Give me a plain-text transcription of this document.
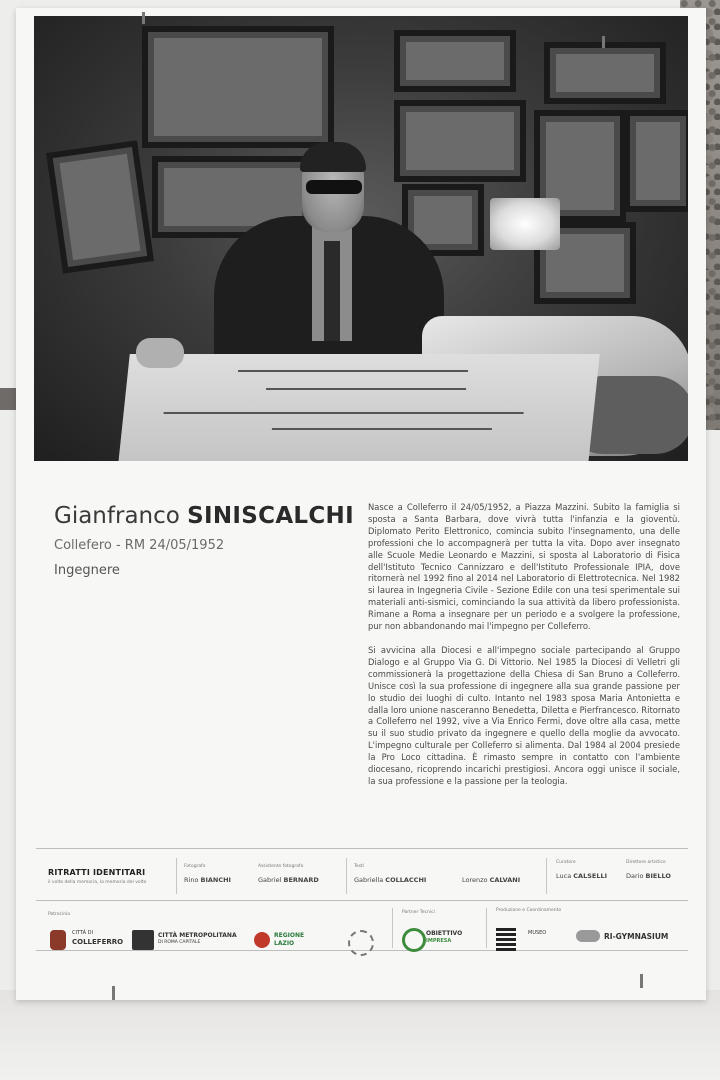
Gianfranco SINISCALCHI
Collefero - RM 24/05/1952
Ingegnere

Nasce a Colleferro il 24/05/1952, a Piazza Mazzini. Subito la famiglia si sposta a Santa Barbara, dove vivrà tutta l'infanzia e la gioventù. Diplomato Perito Elettronico, comincia subito l'insegnamento, una delle professioni che lo accompagnerà per tutta la vita. Dopo aver insegnato alle Scuole Medie Leonardo e Mazzini, si sposta al Laboratorio di Fisica dell'Istituto Tecnico Cannizzaro e dell'Istituto Professionale IPIA, dove ritornerà nel 1992 fino al 2014 nel Laboratorio di Elettrotecnica. Nel 1982 si laurea in Ingegneria Civile - Sezione Edile con una tesi sperimentale sui materiali anti-sismici, cominciando la sua attività da libero professionista. Rimane a Roma a insegnare per un periodo e a svolgere la professione, pur non abbandonando mai l'impegno per Colleferro.

Si avvicina alla Diocesi e all'impegno sociale partecipando al Gruppo Dialogo e al Gruppo Via G. Di Vittorio. Nel 1985 la Diocesi di Velletri gli commissionerà la progettazione della Chiesa di San Bruno a Colleferro. Unisce così la sua professione di ingegnere alla sua grande passione per lo studio dei luoghi di culto. Intanto nel 1983 sposa Maria Antonietta e dalla loro unione nasceranno Benedetta, Diletta e Pierfrancesco. Ritornato a Colleferro nel 1992, vive a Via Enrico Fermi, dove oltre alla casa, mette su il suo studio privato da ingegnere e quello della moglie da avvocato. L'impegno culturale per Colleferro si alimenta. Dal 1984 al 2004 presiede la Pro Loco cittadina. È rimasto sempre in contatto con l'ambiente diocesano, ricoprendo incarichi prestigiosi. Ancora oggi unisce il sociale, la sua professione e la passione per la teologia.

RITRATTI IDENTITARI
il volto della memoria, la memoria del volto
Fotografo
Rino BIANCHI
Assistente fotografo
Gabriel BERNARD
Testi
Gabriella COLLACCHI	Lorenzo CALVANI
Curatore
Luca CALSELLI
Direttore artistico
Dario BIELLO
Patrocinio	Partner Tecnici	Produzione e Coordinamento
CITTÀ DI
COLLEFERRO
CITTÀ METROPOLITANA
DI ROMA CAPITALE
REGIONE
LAZIO
OBIETTIVO
IMPRESA
MUSEO	RI-GYMNASIUM
